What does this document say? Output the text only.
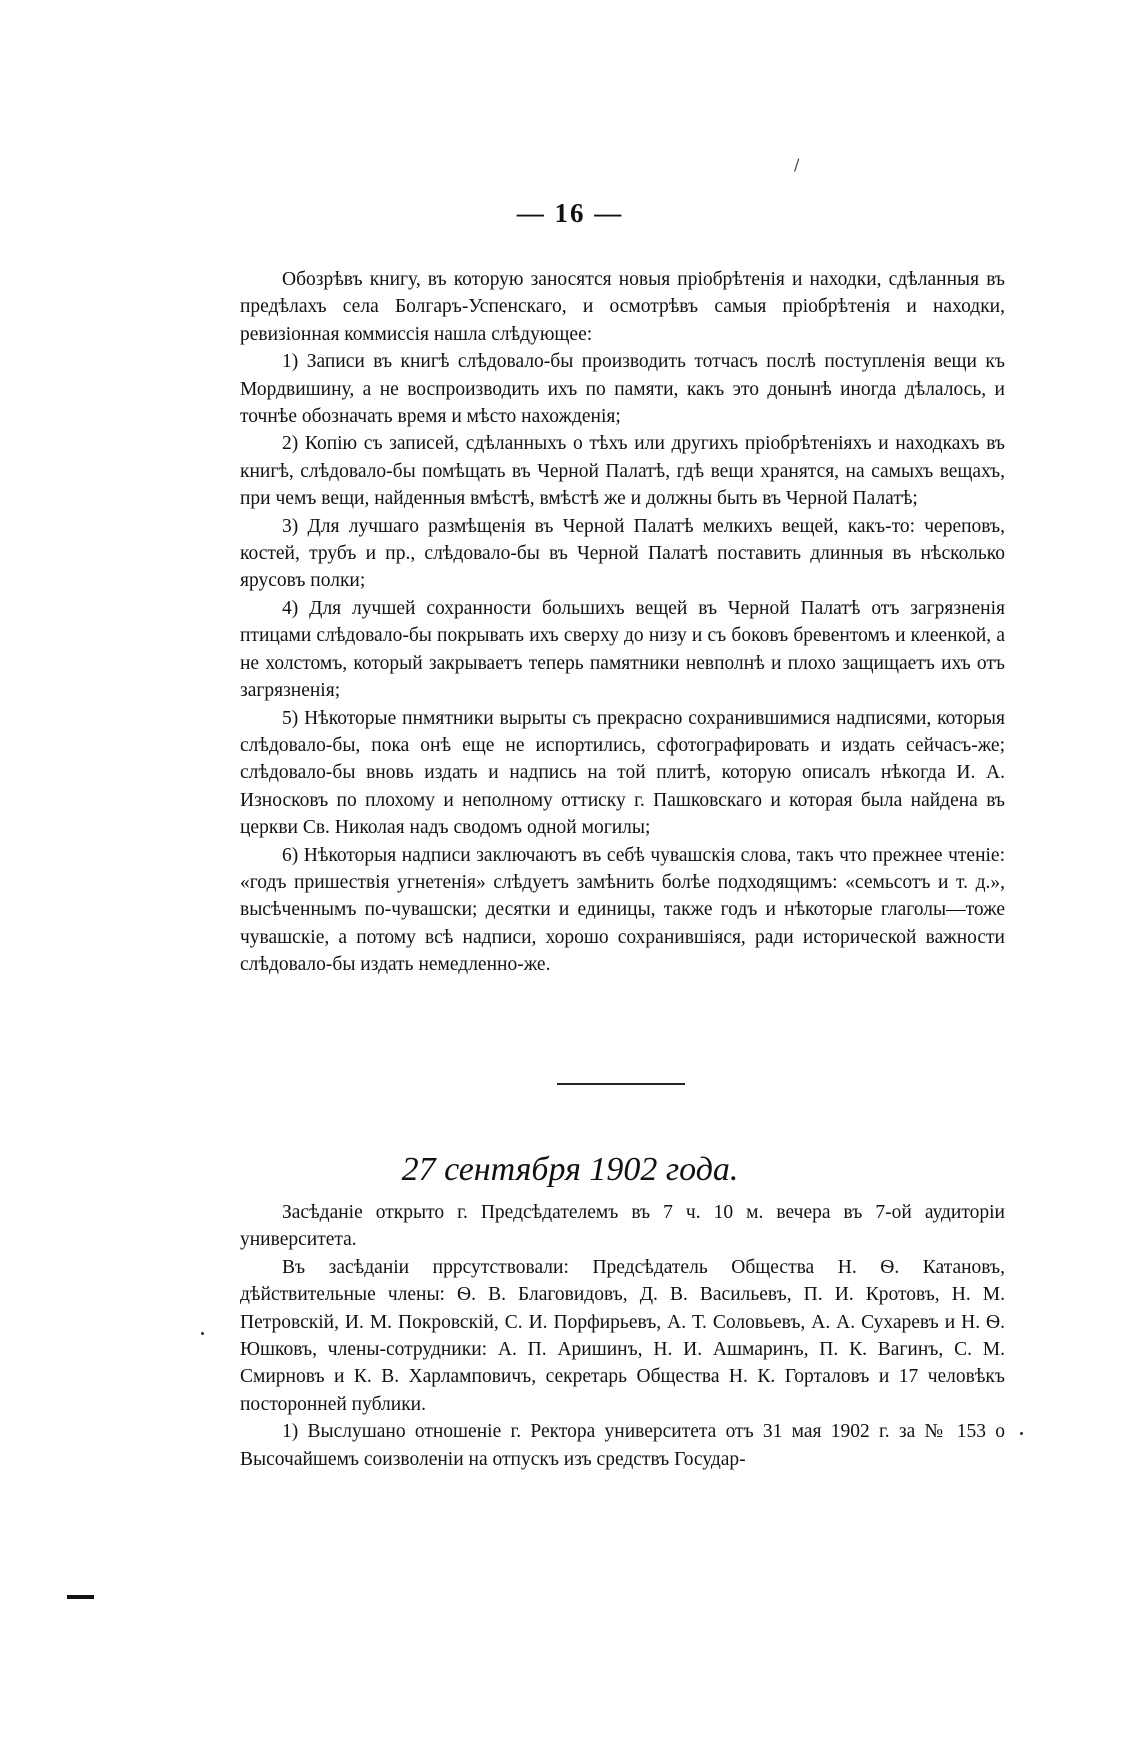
/
— 16 —

Обозрѣвъ книгу, въ которую заносятся новыя пріобрѣтенія и находки, сдѣланныя въ предѣлахъ села Болгаръ-Успенскаго, и осмотрѣвъ самыя пріобрѣтенія и находки, ревизіонная коммиссія нашла слѣдующее:

1) Записи въ книгѣ слѣдовало-бы производить тотчасъ послѣ поступленія вещи къ Мордвишину, а не воспроизводить ихъ по памяти, какъ это донынѣ иногда дѣлалось, и точнѣе обозначать время и мѣсто нахожденія;

2) Копію съ записей, сдѣланныхъ о тѣхъ или другихъ пріобрѣтеніяхъ и находкахъ въ книгѣ, слѣдовало-бы помѣщать въ Черной Палатѣ, гдѣ вещи хранятся, на самыхъ вещахъ, при чемъ вещи, найденныя вмѣстѣ, вмѣстѣ же и должны быть въ Черной Палатѣ;

3) Для лучшаго размѣщенія въ Черной Палатѣ мелкихъ вещей, какъ-то: череповъ, костей, трубъ и пр., слѣдовало-бы въ Черной Палатѣ поставить длинныя въ нѣсколько ярусовъ полки;

4) Для лучшей сохранности большихъ вещей въ Черной Палатѣ отъ загрязненія птицами слѣдовало-бы покрывать ихъ сверху до низу и съ боковъ бревентомъ и клеенкой, а не холстомъ, который закрываетъ теперь памятники невполнѣ и плохо защищаетъ ихъ отъ загрязненія;

5) Нѣкоторые пнмятники вырыты съ прекрасно сохранившимися надписями, которыя слѣдовало-бы, пока онѣ еще не испортились, сфотографировать и издать сейчасъ-же; слѣдовало-бы вновь издать и надпись на той плитѣ, которую описалъ нѣкогда И. А. Износковъ по плохому и неполному оттиску г. Пашковскаго и которая была найдена въ церкви Св. Николая надъ сводомъ одной могилы;

6) Нѣкоторыя надписи заключаютъ въ себѣ чувашскія слова, такъ что прежнее чтеніе: «годъ пришествія угнетенія» слѣдуетъ замѣнить болѣе подходящимъ: «семьсотъ и т. д.», высѣченнымъ по-чувашски; десятки и единицы, также годъ и нѣкоторые глаголы—тоже чувашскіе, а потому всѣ надписи, хорошо сохранившіяся, ради исторической важности слѣдовало-бы издать немедленно-же.

27 сентября 1902 года.

Засѣданіе открыто г. Предсѣдателемъ въ 7 ч. 10 м. вечера въ 7-ой аудиторіи университета.

Въ засѣданіи прpсутствовали: Предсѣдатель Общества Н. Ѳ. Катановъ, дѣйствительные члены: Ѳ. В. Благовидовъ, Д. В. Васильевъ, П. И. Кротовъ, Н. М. Петровскій, И. М. Покровскій, С. И. Порфирьевъ, А. Т. Соловьевъ, А. А. Сухаревъ и Н. Ѳ. Юшковъ, члены-сотрудники: А. П. Аришинъ, Н. И. Ашмаринъ, П. К. Вагинъ, С. М. Смирновъ и К. В. Харламповичъ, секретарь Общества Н. К. Горталовъ и 17 человѣкъ посторонней публики.

1) Выслушано отношеніе г. Ректора университета отъ 31 мая 1902 г. за № 153 о Высочайшемъ соизволеніи на отпускъ изъ средствъ Государ-
